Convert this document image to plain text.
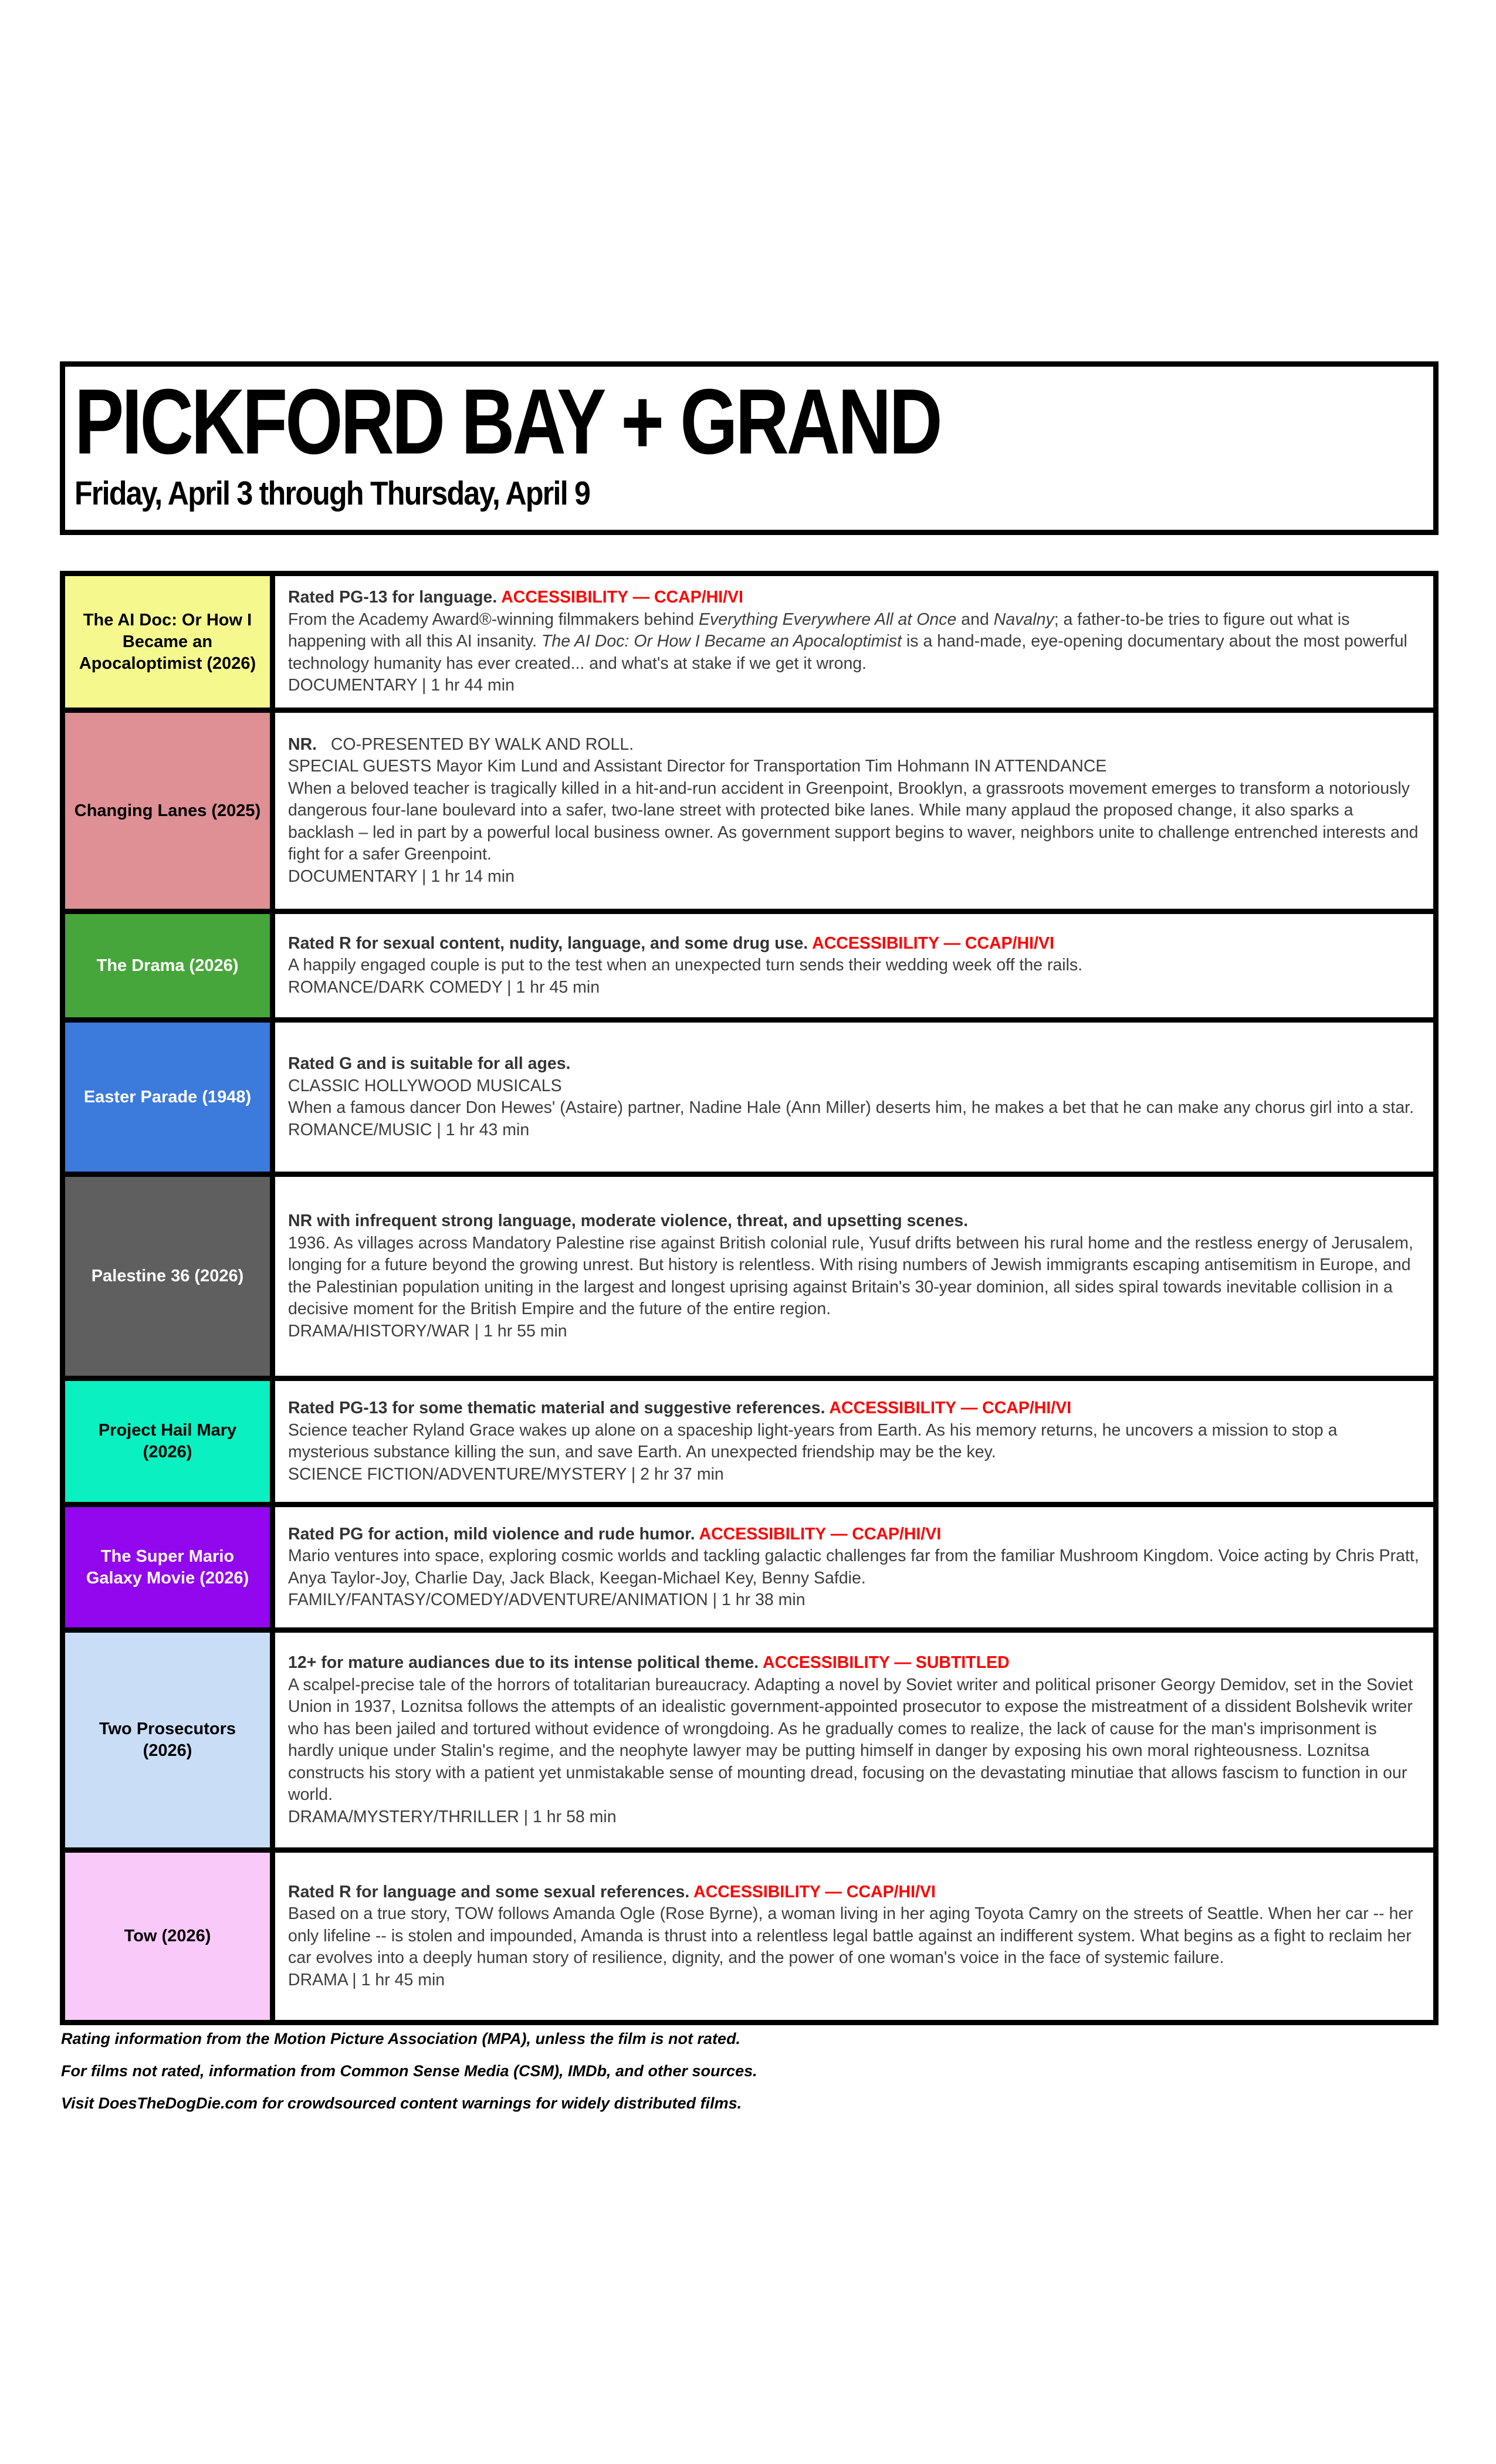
PICKFORD BAY + GRAND
Friday, April 3 through Thursday, April 9
The AI Doc: Or How I Became an Apocaloptimist (2026)
Rated PG-13 for language. ACCESSIBILITY — CCAP/HI/VI
From the Academy Award®-winning filmmakers behind Everything Everywhere All at Once and Navalny; a father-to-be tries to figure out what is happening with all this AI insanity. The AI Doc: Or How I Became an Apocaloptimist is a hand-made, eye-opening documentary about the most powerful technology humanity has ever created... and what's at stake if we get it wrong.
DOCUMENTARY | 1 hr 44 min
Changing Lanes (2025)
NR.   CO-PRESENTED BY WALK AND ROLL.
SPECIAL GUESTS Mayor Kim Lund and Assistant Director for Transportation Tim Hohmann IN ATTENDANCE
When a beloved teacher is tragically killed in a hit-and-run accident in Greenpoint, Brooklyn, a grassroots movement emerges to transform a notoriously dangerous four-lane boulevard into a safer, two-lane street with protected bike lanes. While many applaud the proposed change, it also sparks a backlash – led in part by a powerful local business owner. As government support begins to waver, neighbors unite to challenge entrenched interests and fight for a safer Greenpoint.
DOCUMENTARY | 1 hr 14 min
The Drama (2026)
Rated R for sexual content, nudity, language, and some drug use. ACCESSIBILITY — CCAP/HI/VI
A happily engaged couple is put to the test when an unexpected turn sends their wedding week off the rails.
ROMANCE/DARK COMEDY | 1 hr 45 min
Easter Parade (1948)
Rated G and is suitable for all ages.
CLASSIC HOLLYWOOD MUSICALS
When a famous dancer Don Hewes' (Astaire) partner, Nadine Hale (Ann Miller) deserts him, he makes a bet that he can make any chorus girl into a star.
ROMANCE/MUSIC | 1 hr 43 min
Palestine 36 (2026)
NR with infrequent strong language, moderate violence, threat, and upsetting scenes.
1936. As villages across Mandatory Palestine rise against British colonial rule, Yusuf drifts between his rural home and the restless energy of Jerusalem, longing for a future beyond the growing unrest. But history is relentless. With rising numbers of Jewish immigrants escaping antisemitism in Europe, and the Palestinian population uniting in the largest and longest uprising against Britain's 30-year dominion, all sides spiral towards inevitable collision in a decisive moment for the British Empire and the future of the entire region.
DRAMA/HISTORY/WAR | 1 hr 55 min
Project Hail Mary (2026)
Rated PG-13 for some thematic material and suggestive references. ACCESSIBILITY — CCAP/HI/VI
Science teacher Ryland Grace wakes up alone on a spaceship light-years from Earth. As his memory returns, he uncovers a mission to stop a mysterious substance killing the sun, and save Earth. An unexpected friendship may be the key.
SCIENCE FICTION/ADVENTURE/MYSTERY | 2 hr 37 min
The Super Mario Galaxy Movie (2026)
Rated PG for action, mild violence and rude humor. ACCESSIBILITY — CCAP/HI/VI
Mario ventures into space, exploring cosmic worlds and tackling galactic challenges far from the familiar Mushroom Kingdom. Voice acting by Chris Pratt, Anya Taylor-Joy, Charlie Day, Jack Black, Keegan-Michael Key, Benny Safdie.
FAMILY/FANTASY/COMEDY/ADVENTURE/ANIMATION | 1 hr 38 min
Two Prosecutors (2026)
12+ for mature audiances due to its intense political theme. ACCESSIBILITY — SUBTITLED
A scalpel-precise tale of the horrors of totalitarian bureaucracy. Adapting a novel by Soviet writer and political prisoner Georgy Demidov, set in the Soviet Union in 1937, Loznitsa follows the attempts of an idealistic government-appointed prosecutor to expose the mistreatment of a dissident Bolshevik writer who has been jailed and tortured without evidence of wrongdoing. As he gradually comes to realize, the lack of cause for the man's imprisonment is hardly unique under Stalin's regime, and the neophyte lawyer may be putting himself in danger by exposing his own moral righteousness. Loznitsa constructs his story with a patient yet unmistakable sense of mounting dread, focusing on the devastating minutiae that allows fascism to function in our world.
DRAMA/MYSTERY/THRILLER | 1 hr 58 min
Tow (2026)
Rated R for language and some sexual references. ACCESSIBILITY — CCAP/HI/VI
Based on a true story, TOW follows Amanda Ogle (Rose Byrne), a woman living in her aging Toyota Camry on the streets of Seattle. When her car -- her only lifeline -- is stolen and impounded, Amanda is thrust into a relentless legal battle against an indifferent system. What begins as a fight to reclaim her car evolves into a deeply human story of resilience, dignity, and the power of one woman's voice in the face of systemic failure.
DRAMA | 1 hr 45 min

Rating information from the Motion Picture Association (MPA), unless the film is not rated.

For films not rated, information from Common Sense Media (CSM), IMDb, and other sources.

Visit DoesTheDogDie.com for crowdsourced content warnings for widely distributed films.
